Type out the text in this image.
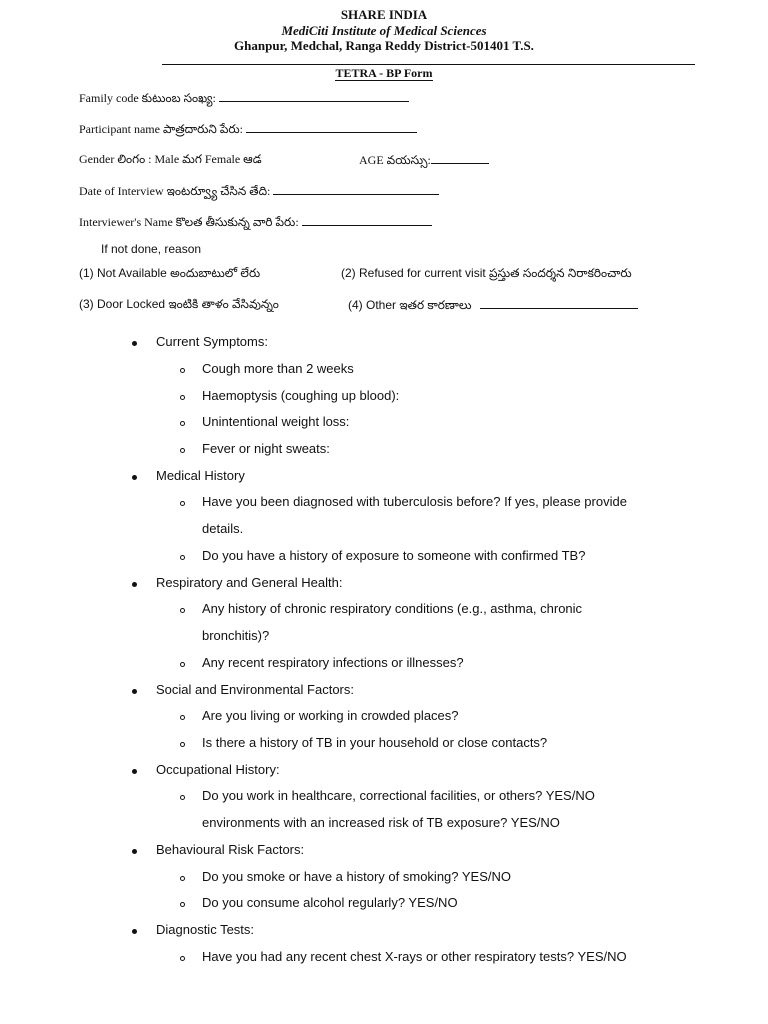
SHARE INDIA
MediCiti Institute of Medical Sciences
Ghanpur, Medchal, Ranga Reddy District-501401 T.S.
TETRA - BP Form
Family code కుటుంబ సంఖ్య:
Participant name పాత్రదారుని పేరు:
Gender లింగం : Male మగ Female ఆడ	AGE వయస్సు:
Date of Interview ఇంటర్వ్యూ చేసిన తేది:
Interviewer's Name కొలత తీసుకున్న వారి పేరు:
If not done, reason
(1) Not Available అందుబాటులో లేరు	(2) Refused for current visit ప్రస్తుత సందర్శన నిరాకరించారు
(3) Door Locked ఇంటికి తాళం వేసివున్నం	(4) Other ఇతర కారణాలు
Current Symptoms:
Cough more than 2 weeks
Haemoptysis (coughing up blood):
Unintentional weight loss:
Fever or night sweats:
Medical History
Have you been diagnosed with tuberculosis before? If yes, please provide
details.
Do you have a history of exposure to someone with confirmed TB?
Respiratory and General Health:
Any history of chronic respiratory conditions (e.g., asthma, chronic
bronchitis)?
Any recent respiratory infections or illnesses?
Social and Environmental Factors:
Are you living or working in crowded places?
Is there a history of TB in your household or close contacts?
Occupational History:
Do you work in healthcare, correctional facilities, or others? YES/NO
environments with an increased risk of TB exposure? YES/NO
Behavioural Risk Factors:
Do you smoke or have a history of smoking? YES/NO
Do you consume alcohol regularly? YES/NO
Diagnostic Tests:
Have you had any recent chest X-rays or other respiratory tests? YES/NO
